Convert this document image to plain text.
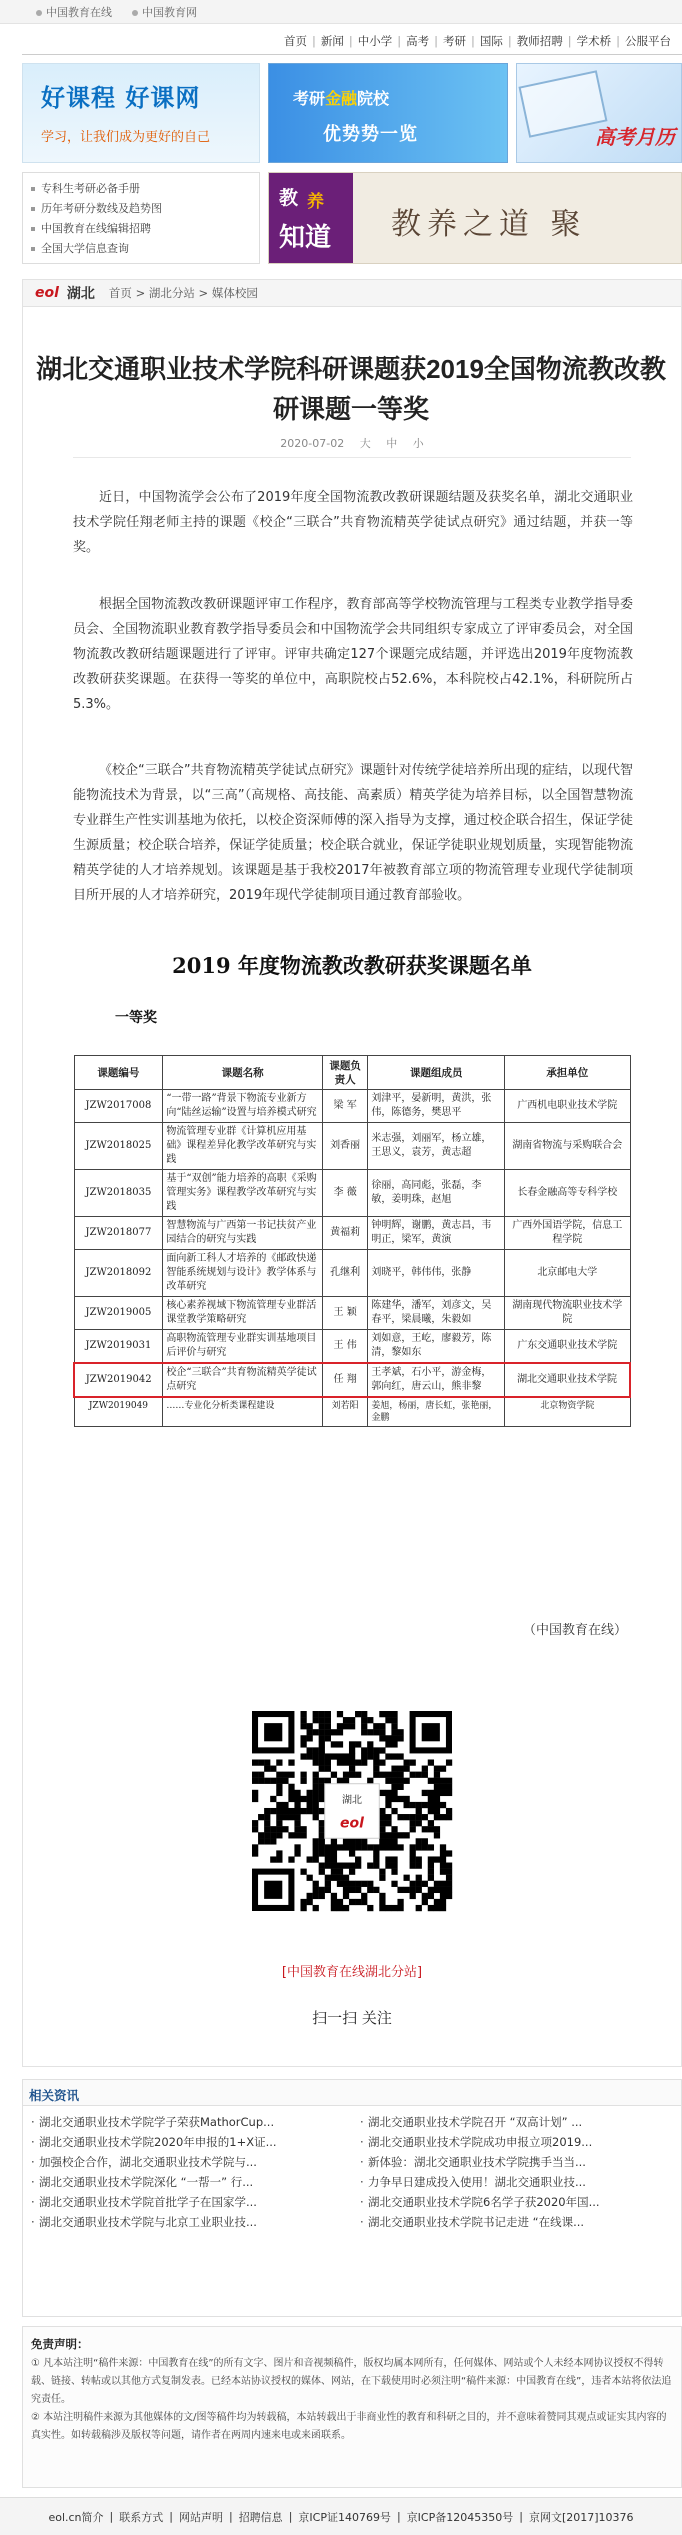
中国教育在线	中国教育网
首页 | 新闻 | 中小学 | 高考 | 考研 | 国际 | 教师招聘 | 学术桥 | 公服平台
好课程 好课网
学习，让我们成为更好的自己
考研金融院校
优势势一览	高考月历
专科生考研必备手册
历年考研分数线及趋势图
中国教育在线编辑招聘
全国大学信息查询
教 养
知道 教养之道 聚
eol 湖北 首页 > 湖北分站 > 媒体校园
湖北交通职业技术学院科研课题获2019全国物流教改教研课题一等奖
2020-07-02 大 中 小

近日，中国物流学会公布了2019年度全国物流教改教研课题结题及获奖名单，湖北交通职业技术学院任翔老师主持的课题《校企“三联合”共育物流精英学徒试点研究》通过结题，并获一等奖。

根据全国物流教改教研课题评审工作程序，教育部高等学校物流管理与工程类专业教学指导委员会、全国物流职业教育教学指导委员会和中国物流学会共同组织专家成立了评审委员会，对全国物流教改教研结题课题进行了评审。评审共确定127个课题完成结题，并评选出2019年度物流教改教研获奖课题。在获得一等奖的单位中，高职院校占52.6%，本科院校占42.1%，科研院所占5.3%。

《校企“三联合”共育物流精英学徒试点研究》课题针对传统学徒培养所出现的症结，以现代智能物流技术为背景，以“三高”（高规格、高技能、高素质）精英学徒为培养目标，以全国智慧物流专业群生产性实训基地为依托，以校企资深师傅的深入指导为支撑，通过校企联合招生，保证学徒生源质量；校企联合培养，保证学徒质量；校企联合就业，保证学徒职业规划质量，实现智能物流精英学徒的人才培养规划。该课题是基于我校2017年被教育部立项的物流管理专业现代学徒制项目所开展的人才培养研究，2019年现代学徒制项目通过教育部验收。

2019 年度物流教改教研获奖课题名单
一等奖
课题编号	课题名称	课题负责人	课题组成员	承担单位
JZW2017008	“一带一路”背景下物流专业新方向“陆丝运输”设置与培养模式研究	梁 军	刘津平，晏新明，黄洪，张伟，陈德务，樊思平	广西机电职业技术学院
JZW2018025	物流管理专业群《计算机应用基础》课程差异化教学改革研究与实践	刘香丽	米志强，刘丽军，杨立雄，王思义，袁芳，黄志超	湖南省物流与采购联合会
JZW2018035	基于“双创”能力培养的高职《采购管理实务》课程教学改革研究与实践	李 薇	徐丽，高同彪，张磊，李敏，姜明珠，赵旭	长春金融高等专科学校
JZW2018077	智慧物流与广西第一书记扶贫产业园结合的研究与实践	黄福莉	钟明辉，谢鹏，黄志昌，韦明正，梁军，黄演	广西外国语学院，信息工程学院
JZW2018092	面向新工科人才培养的《邮政快递智能系统规划与设计》教学体系与改革研究	孔继利	刘晓平，韩伟伟，张静	北京邮电大学
JZW2019005	核心素养视域下物流管理专业群活课堂教学策略研究	王 颖	陈建华，潘军，刘彦文，吴春平，梁晨曦，朱毅如	湖南现代物流职业技术学院
JZW2019031	高职物流管理专业群实训基地项目后评价与研究	王 伟	刘如意，王屹，廖毅芳，陈清，黎如东	广东交通职业技术学院
JZW2019042	校企“三联合”共育物流精英学徒试点研究	任 翔	王孝斌，石小平，游金梅，郭向红，唐云山，熊非黎	湖北交通职业技术学院
JZW2019049	……专业化分析类课程建设	刘若阳	姜旭，杨丽，唐长虹，张艳丽，金鹏	北京物资学院
（中国教育在线）
湖北
eol
[中国教育在线湖北分站]
扫一扫 关注
相关资讯
· 湖北交通职业技术学院学子荣获MathorCup...	· 湖北交通职业技术学院召开 “双高计划” ...
· 湖北交通职业技术学院2020年申报的1+X证...	· 湖北交通职业技术学院成功申报立项2019...
· 加强校企合作，湖北交通职业技术学院与...	· 新体验：湖北交通职业技术学院携手当当...
· 湖北交通职业技术学院深化 “一帮一” 行...	· 力争早日建成投入使用！湖北交通职业技...
· 湖北交通职业技术学院首批学子在国家学...	· 湖北交通职业技术学院6名学子获2020年国...
· 湖北交通职业技术学院与北京工业职业技...	· 湖北交通职业技术学院书记走进 “在线课...
免责声明：

① 凡本站注明“稿件来源：中国教育在线”的所有文字、图片和音视频稿件，版权均属本网所有，任何媒体、网站或个人未经本网协议授权不得转载、链接、转帖或以其他方式复制发表。已经本站协议授权的媒体、网站，在下载使用时必须注明“稿件来源：中国教育在线”，违者本站将依法追究责任。

② 本站注明稿件来源为其他媒体的文/图等稿件均为转载稿，本站转载出于非商业性的教育和科研之目的，并不意味着赞同其观点或证实其内容的真实性。如转载稿涉及版权等问题，请作者在两周内速来电或来函联系。

eol.cn简介 | 联系方式 | 网站声明 | 招聘信息 | 京ICP证140769号 | 京ICP备12045350号 | 京网文[2017]10376
